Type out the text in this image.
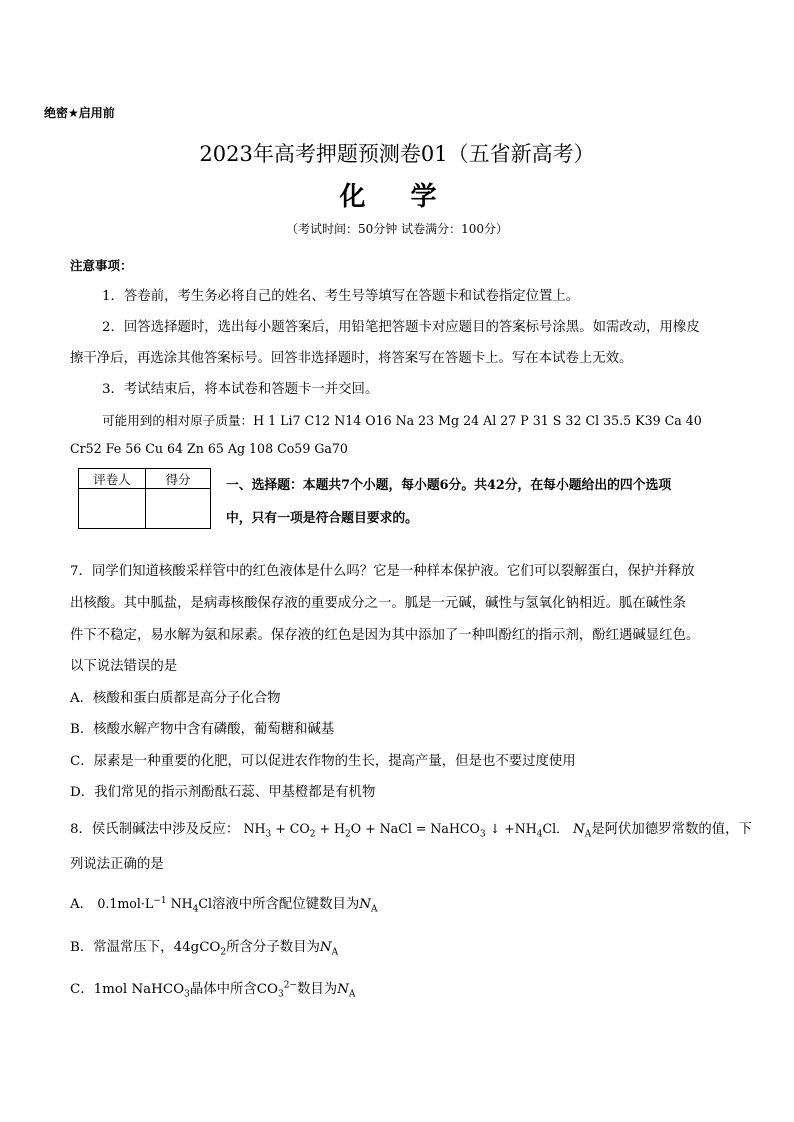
绝密★启用前
2023年高考押题预测卷01（五省新高考）
化 学
（考试时间：50分钟 试卷满分：100分）
注意事项：
1．答卷前，考生务必将自己的姓名、考生号等填写在答题卡和试卷指定位置上。
2．回答选择题时，选出每小题答案后，用铅笔把答题卡对应题目的答案标号涂黑。如需改动，用橡皮
擦干净后，再选涂其他答案标号。回答非选择题时，将答案写在答题卡上。写在本试卷上无效。
3．考试结束后，将本试卷和答题卡一并交回。
可能用到的相对原子质量：H 1 Li7 C12 N14 O16 Na 23 Mg 24 Al 27 P 31 S 32 Cl 35.5 K39 Ca 40
Cr52 Fe 56 Cu 64 Zn 65 Ag 108 Co59 Ga70
评卷人	得分
		一、选择题：本题共7个小题，每小题6分。共42分，在每小题给出的四个选项
中，只有一项是符合题目要求的。
7．同学们知道核酸采样管中的红色液体是什么吗？它是一种样本保护液。它们可以裂解蛋白，保护并释放
出核酸。其中胍盐，是病毒核酸保存液的重要成分之一。胍是一元碱，碱性与氢氧化钠相近。胍在碱性条
件下不稳定，易水解为氨和尿素。保存液的红色是因为其中添加了一种叫酚红的指示剂，酚红遇碱显红色。
以下说法错误的是
A．核酸和蛋白质都是高分子化合物
B．核酸水解产物中含有磷酸，葡萄糖和碱基
C．尿素是一种重要的化肥，可以促进农作物的生长，提高产量，但是也不要过度使用
D．我们常见的指示剂酚酞石蕊、甲基橙都是有机物
8．侯氏制碱法中涉及反应： $NH_3 + CO_2 + H_2O$ + NaCl = NaHCO$_3$ ↓ $+NH_4Cl$． $N_A$是阿伏加德罗常数的值，下
列说法正确的是
A． $0.1mol\cdot L^{-1}$ $NH_4Cl$溶液中所含配位键数目为$N_A$
B．常温常压下，44gCO$_2$所含分子数目为$N_A$
C．1mol NaHCO$_3$晶体中所含$CO_3^{2-}$数目为$N_A$
